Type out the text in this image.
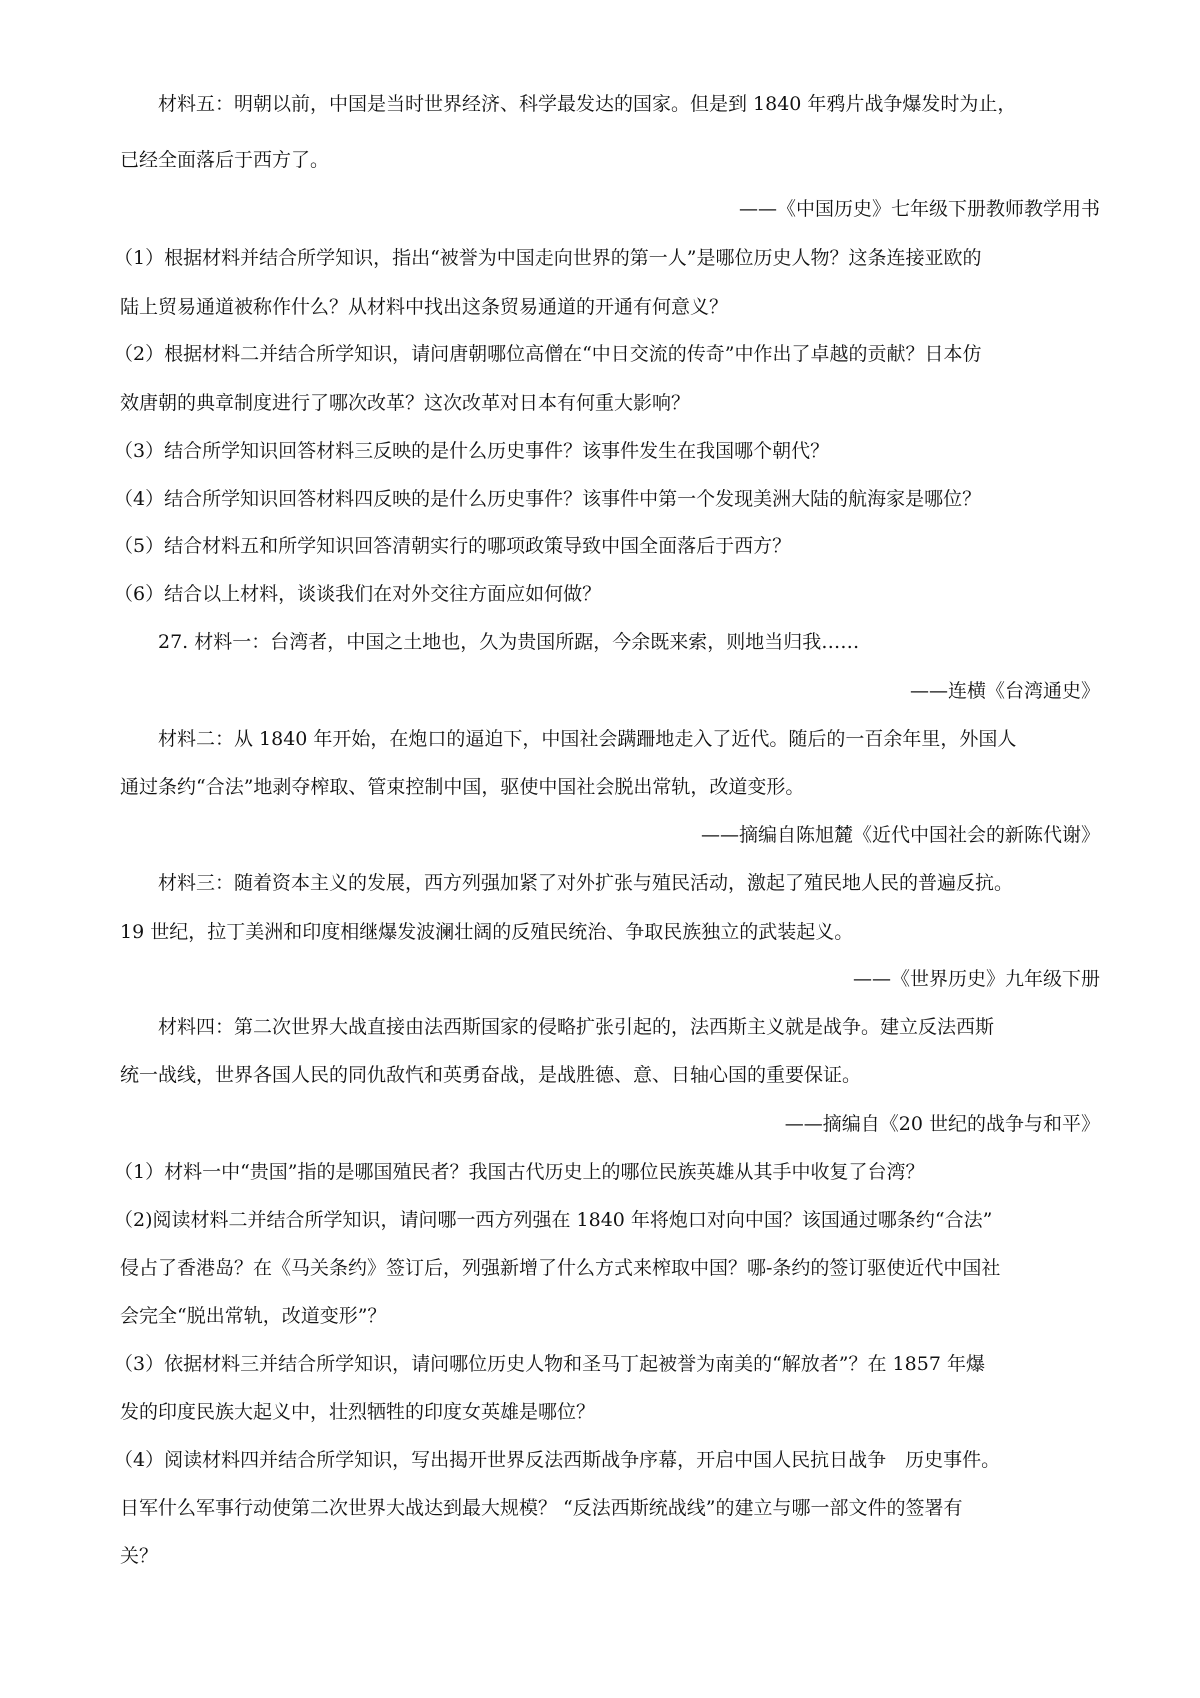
材料五：明朝以前，中国是当时世界经济、科学最发达的国家。但是到 1840 年鸦片战争爆发时为止，
已经全面落后于西方了。
——《中国历史》七年级下册教师教学用书
（1）根据材料并结合所学知识，指出“被誉为中国走向世界的第一人”是哪位历史人物？这条连接亚欧的
陆上贸易通道被称作什么？从材料中找出这条贸易通道的开通有何意义？
（2）根据材料二并结合所学知识，请问唐朝哪位高僧在“中日交流的传奇”中作出了卓越的贡献？日本仿
效唐朝的典章制度进行了哪次改革？这次改革对日本有何重大影响？
（3）结合所学知识回答材料三反映的是什么历史事件？该事件发生在我国哪个朝代？
（4）结合所学知识回答材料四反映的是什么历史事件？该事件中第一个发现美洲大陆的航海家是哪位？
（5）结合材料五和所学知识回答清朝实行的哪项政策导致中国全面落后于西方？
（6）结合以上材料，谈谈我们在对外交往方面应如何做？
27. 材料一：台湾者，中国之土地也，久为贵国所踞，今余既来索，则地当归我……
——连横《台湾通史》
材料二：从 1840 年开始，在炮口的逼迫下，中国社会蹒跚地走入了近代。随后的一百余年里，外国人
通过条约“合法”地剥夺榨取、管束控制中国，驱使中国社会脱出常轨，改道变形。
——摘编自陈旭麓《近代中国社会的新陈代谢》
材料三：随着资本主义的发展，西方列强加紧了对外扩张与殖民活动，激起了殖民地人民的普遍反抗。
19 世纪，拉丁美洲和印度相继爆发波澜壮阔的反殖民统治、争取民族独立的武装起义。
——《世界历史》九年级下册
材料四：第二次世界大战直接由法西斯国家的侵略扩张引起的，法西斯主义就是战争。建立反法西斯
统一战线，世界各国人民的同仇敌忾和英勇奋战，是战胜德、意、日轴心国的重要保证。
——摘编自《20 世纪的战争与和平》
（1）材料一中“贵国”指的是哪国殖民者？我国古代历史上的哪位民族英雄从其手中收复了台湾？
（2)阅读材料二并结合所学知识，请问哪一西方列强在 1840 年将炮口对向中国？该国通过哪条约“合法”
侵占了香港岛？在《马关条约》签订后，列强新增了什么方式来榨取中国？哪-条约的签订驱使近代中国社
会完全“脱出常轨，改道变形”？
（3）依据材料三并结合所学知识，请问哪位历史人物和圣马丁起被誉为南美的“解放者”？在 1857 年爆
发的印度民族大起义中，壮烈牺牲的印度女英雄是哪位？
（4）阅读材料四并结合所学知识，写出揭开世界反法西斯战争序幕，开启中国人民抗日战争　历史事件。
日军什么军事行动使第二次世界大战达到最大规模？ “反法西斯统战线”的建立与哪一部文件的签署有
关？
